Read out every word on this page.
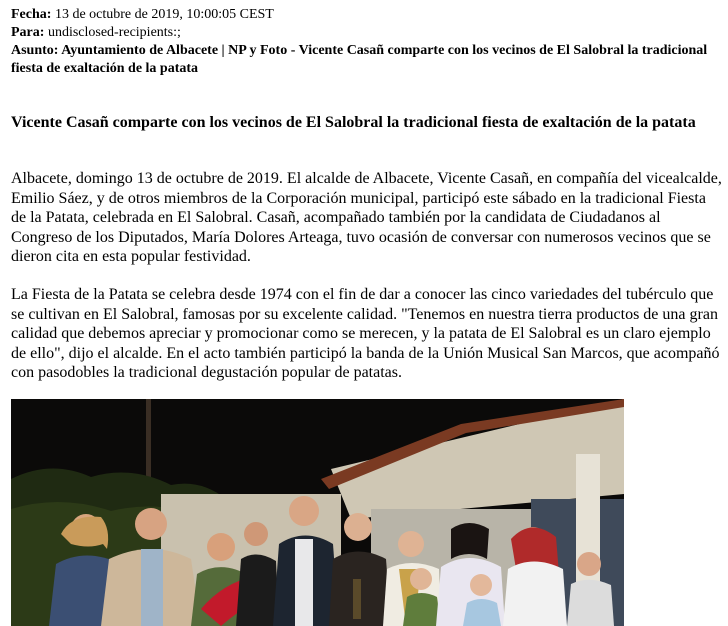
Fecha: 13 de octubre de 2019, 10:00:05 CEST
Para: undisclosed-recipients:;
Asunto: Ayuntamiento de Albacete | NP y Foto - Vicente Casañ comparte con los vecinos de El Salobral la tradicional fiesta de exaltación de la patata
Vicente Casañ comparte con los vecinos de El Salobral la tradicional fiesta de exaltación de la patata

Albacete, domingo 13 de octubre de 2019. El alcalde de Albacete, Vicente Casañ, en compañía del vicealcalde, Emilio Sáez, y de otros miembros de la Corporación municipal, participó este sábado en la tradicional Fiesta de la Patata, celebrada en El Salobral. Casañ, acompañado también por la candidata de Ciudadanos al Congreso de los Diputados, María Dolores Arteaga, tuvo ocasión de conversar con numerosos vecinos que se dieron cita en esta popular festividad.

La Fiesta de la Patata se celebra desde 1974 con el fin de dar a conocer las cinco variedades del tubérculo que se cultivan en El Salobral, famosas por su excelente calidad. "Tenemos en nuestra tierra productos de una gran calidad que debemos apreciar y promocionar como se merecen, y la patata de El Salobral es un claro ejemplo de ello", dijo el alcalde. En el acto también participó la banda de la Unión Musical San Marcos, que acompañó con pasodobles la tradicional degustación popular de patatas.
